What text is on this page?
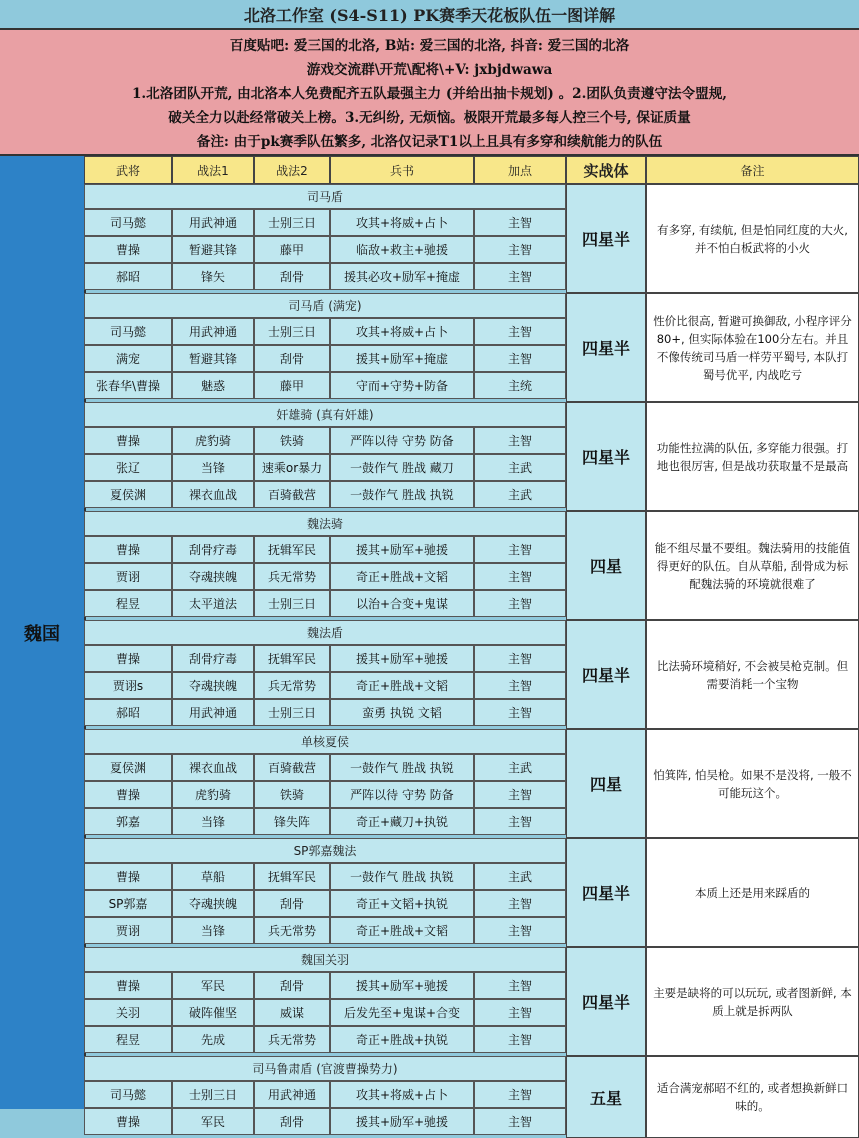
北洛工作室 (S4-S11) PK赛季天花板队伍一图详解
百度贴吧: 爱三国的北洛, B站: 爱三国的北洛, 抖音: 爱三国的北洛
游戏交流群\开荒\配将\+V: jxbjdwawa
1.北洛团队开荒, 由北洛本人免费配齐五队最强主力 (并给出抽卡规划) 。2.团队负责遵守法令盟规,
破关全力以赴经常破关上榜。3.无纠纷, 无烦恼。极限开荒最多每人控三个号, 保证质量
备注: 由于pk赛季队伍繁多, 北洛仅记录T1以上且具有多穿和续航能力的队伍
魏国
武将	战法1	战法2	兵书	加点	实战体	备注
司马盾
司马懿	用武神通	士别三日	攻其+将威+占卜	主智
曹操	暂避其锋	藤甲	临敌+救主+驰援	主智
郝昭	锋矢	刮骨	援其必攻+励军+掩虚	主智
四星半
有多穿, 有续航, 但是怕同红度的大火, 并不怕白板武将的小火
司马盾 (满宠)
司马懿	用武神通	士别三日	攻其+将威+占卜	主智
满宠	暂避其锋	刮骨	援其+励军+掩虚	主智
张春华\曹操	魅惑	藤甲	守而+守势+防备	主统
四星半
性价比很高, 暂避可换御敌, 小程序评分80+, 但实际体验在100分左右。并且不像传统司马盾一样劳平蜀号, 本队打蜀号优平, 内战吃亏
奸雄骑 (真有奸雄)
曹操	虎豹骑	铁骑	严阵以待 守势 防备	主智
张辽	当锋	速乘or暴力	一鼓作气 胜战 藏刀	主武
夏侯渊	裸衣血战	百骑截营	一鼓作气 胜战 执锐	主武
四星半
功能性拉满的队伍, 多穿能力很强。打地也很厉害, 但是战功获取量不是最高
魏法骑
曹操	刮骨疗毒	抚辑军民	援其+励军+驰援	主智
贾诩	夺魂挟魄	兵无常势	奇正+胜战+文韬	主智
程昱	太平道法	士别三日	以治+合变+鬼谋	主智
四星
能不组尽量不要组。魏法骑用的技能值得更好的队伍。自从草船, 刮骨成为标配魏法骑的环境就很难了
魏法盾
曹操	刮骨疗毒	抚辑军民	援其+励军+驰援	主智
贾诩s	夺魂挟魄	兵无常势	奇正+胜战+文韬	主智
郝昭	用武神通	士别三日	蛮勇 执锐 文韬	主智
四星半
比法骑环境稍好, 不会被吴枪克制。但需要消耗一个宝物
单核夏侯
夏侯渊	裸衣血战	百骑截营	一鼓作气 胜战 执锐	主武
曹操	虎豹骑	铁骑	严阵以待 守势 防备	主智
郭嘉	当锋	锋失阵	奇正+藏刀+执锐	主智
四星
怕箕阵, 怕吴枪。如果不是没将, 一般不可能玩这个。
SP郭嘉魏法
曹操	草船	抚辑军民	一鼓作气 胜战 执锐	主武
SP郭嘉	夺魂挟魄	刮骨	奇正+文韬+执锐	主智
贾诩	当锋	兵无常势	奇正+胜战+文韬	主智
四星半	本质上还是用来踩盾的
魏国关羽
曹操	军民	刮骨	援其+励军+驰援	主智
关羽	破阵催坚	威谋	后发先至+鬼谋+合变	主智
程昱	先成	兵无常势	奇正+胜战+执锐	主智
四星半
主要是缺将的可以玩玩, 或者图新鲜, 本质上就是拆两队
司马鲁肃盾 (官渡曹操势力)
司马懿	士别三日	用武神通	攻其+将威+占卜	主智
曹操	军民	刮骨	援其+励军+驰援	主智
五星
适合满宠郝昭不红的, 或者想换新鲜口味的。
